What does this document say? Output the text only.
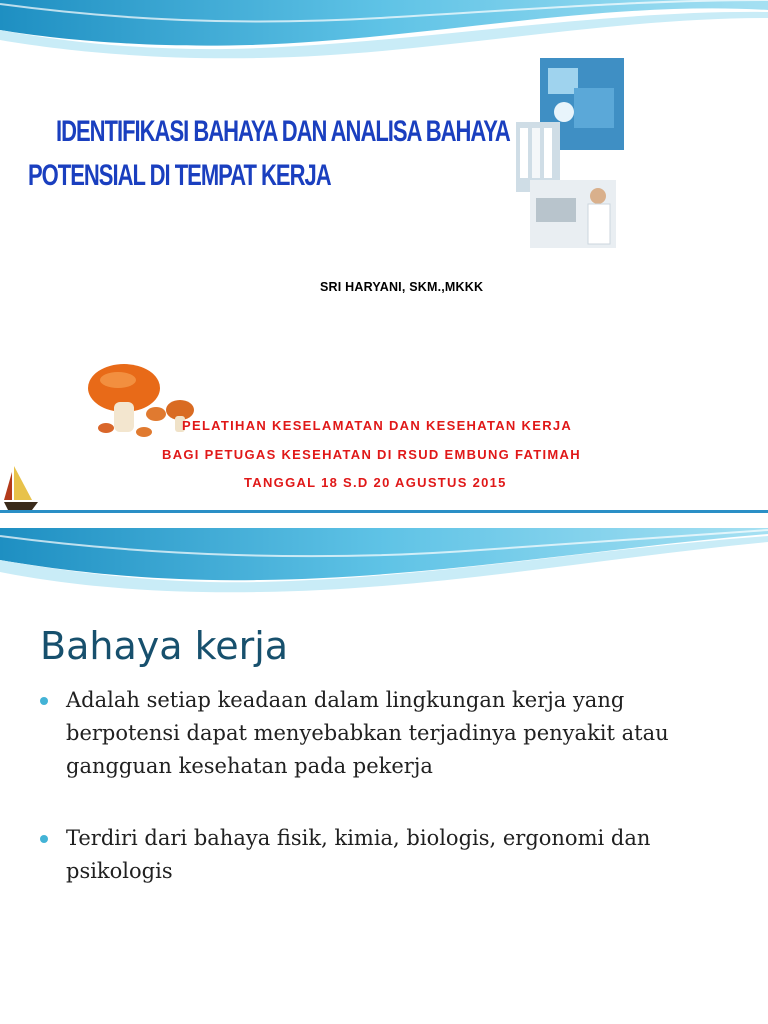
IDENTIFIKASI BAHAYA DAN ANALISA BAHAYA
POTENSIAL DI TEMPAT KERJA
SRI HARYANI, SKM.,MKKK
PELATIHAN KESELAMATAN DAN KESEHATAN KERJA
BAGI PETUGAS KESEHATAN DI RSUD EMBUNG FATIMAH
TANGGAL 18 S.D 20 AGUSTUS 2015
Bahaya kerja
Adalah setiap keadaan dalam lingkungan kerja yang berpotensi dapat menyebabkan terjadinya penyakit atau gangguan kesehatan pada pekerja
Terdiri dari bahaya fisik, kimia, biologis, ergonomi dan psikologis
